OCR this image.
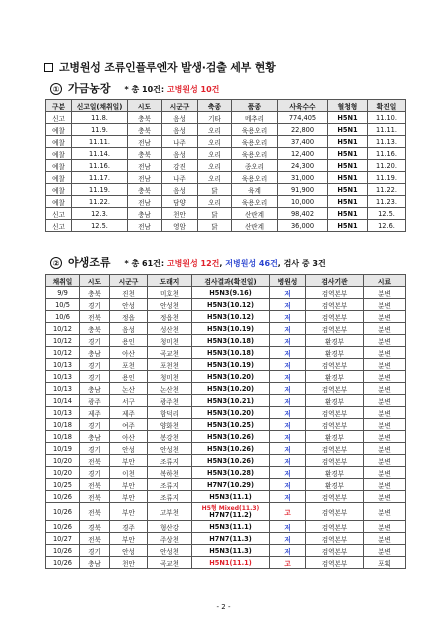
고병원성 조류인플루엔자 발생·검출 세부 현황
① 가금농장 * 총 10건: 고병원성 10건
구분	신고일(채취일)	시도	시군구	축종	품종	사육수수	혈청형	확진일
신고	11.8.	충북	음성	기타	메추리	774,405	H5N1	11.10.
예찰	11.9.	충북	음성	오리	육용오리	22,800	H5N1	11.11.
예찰	11.11.	전남	나주	오리	육용오리	37,400	H5N1	11.13.
예찰	11.14.	충북	음성	오리	육용오리	12,400	H5N1	11.16.
예찰	11.16.	전남	강진	오리	종오리	24,300	H5N1	11.20.
예찰	11.17.	전남	나주	오리	육용오리	31,000	H5N1	11.19.
예찰	11.19.	충북	음성	닭	육계	91,900	H5N1	11.22.
예찰	11.22.	전남	담양	오리	육용오리	10,000	H5N1	11.23.
신고	12.3.	충남	천안	닭	산란계	98,402	H5N1	12.5.
신고	12.5.	전남	영암	닭	산란계	36,000	H5N1	12.6.
② 야생조류 * 총 61건: 고병원성 12건, 저병원성 46건, 검사 중 3건
채취일	시도	시군구	도래지	검사결과(확진일)	병원성	검사기관	시료
9/9	충북	진천	미호천	H5N3(9.16)	저	검역본부	분변
10/5	경기	안성	안성천	H5N3(10.12)	저	검역본부	분변
10/6	전북	정읍	정읍천	H5N3(10.12)	저	검역본부	분변
10/12	충북	음성	성산천	H5N3(10.19)	저	검역본부	분변
10/12	경기	용인	청미천	H5N3(10.18)	저	환경부	분변
10/12	충남	아산	곡교천	H5N3(10.18)	저	환경부	분변
10/13	경기	포천	포천천	H5N3(10.19)	저	검역본부	분변
10/13	경기	용인	청미천	H5N3(10.20)	저	환경부	분변
10/13	충남	논산	논산천	H5N3(10.20)	저	검역본부	분변
10/14	광주	서구	광주천	H5N3(10.21)	저	환경부	분변
10/13	제주	제주	함덕리	H5N3(10.20)	저	검역본부	분변
10/18	경기	여주	양화천	H5N3(10.25)	저	검역본부	분변
10/18	충남	아산	봉강천	H5N3(10.26)	저	환경부	분변
10/19	경기	안성	안성천	H5N3(10.26)	저	검역본부	분변
10/20	전북	부안	조류지	H5N3(10.26)	저	검역본부	분변
10/20	경기	이천	복하천	H5N3(10.28)	저	환경부	분변
10/25	전북	부안	조류지	H7N7(10.29)	저	환경부	분변
10/26	전북	부안	조류지	H5N3(11.1)	저	검역본부	분변
10/26	전북	부안	고부천	H5형 Mixed(11.3)
H7N7(11.2)	고	검역본부	분변
10/26	경북	경주	형산강	H5N3(11.1)	저	검역본부	분변
10/27	전북	부안	주상천	H7N7(11.3)	저	검역본부	분변
10/26	경기	안성	안성천	H5N3(11.3)	저	검역본부	분변
10/26	충남	천안	곡교천	H5N1(11.1)	고	검역본부	포획
- 2 -
